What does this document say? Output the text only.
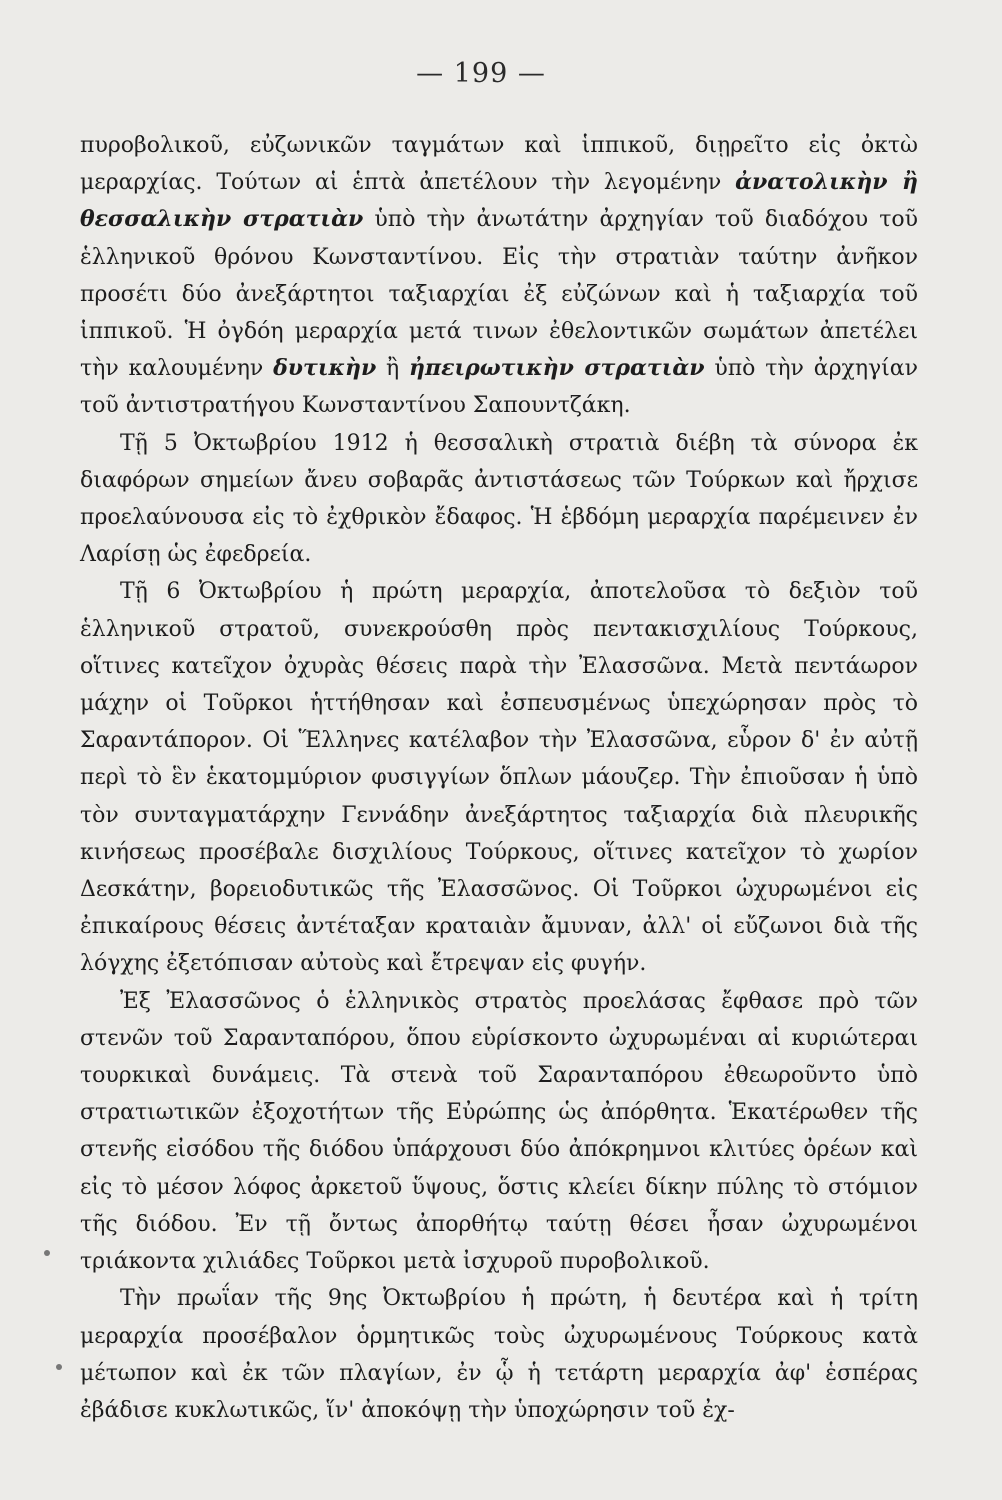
— 199 —

πυροβολικοῦ, εὐζωνικῶν ταγμάτων καὶ ἱππικοῦ, διῃρεῖτο εἰς ὀκτὼ μεραρχίας. Τούτων αἱ ἑπτὰ ἀπετέλουν τὴν λεγομένην ἀνατολικὴν ἢ θεσσαλικὴν στρατιὰν ὑπὸ τὴν ἀνωτάτην ἀρχηγίαν τοῦ διαδόχου τοῦ ἑλληνικοῦ θρόνου Κωνσταντίνου. Εἰς τὴν στρατιὰν ταύτην ἀνῆκον προσέτι δύο ἀνεξάρτητοι ταξιαρχίαι ἐξ εὐζώνων καὶ ἡ ταξιαρχία τοῦ ἱππικοῦ. Ἡ ὀγδόη μεραρχία μετά τινων ἐθελοντικῶν σωμάτων ἀπετέλει τὴν καλουμένην δυτικὴν ἢ ἠπειρωτικὴν στρατιὰν ὑπὸ τὴν ἀρχηγίαν τοῦ ἀντιστρατήγου Κωνσταντίνου Σαπουντζάκη.

Τῇ 5 Ὀκτωβρίου 1912 ἡ θεσσαλικὴ στρατιὰ διέβη τὰ σύνορα ἐκ διαφόρων σημείων ἄνευ σοβαρᾶς ἀντιστάσεως τῶν Τούρκων καὶ ἤρχισε προελαύνουσα εἰς τὸ ἐχθρικὸν ἔδαφος. Ἡ ἑβδόμη μεραρχία παρέμεινεν ἐν Λαρίσῃ ὡς ἐφεδρεία.

Τῇ 6 Ὀκτωβρίου ἡ πρώτη μεραρχία, ἀποτελοῦσα τὸ δεξιὸν τοῦ ἑλληνικοῦ στρατοῦ, συνεκρούσθη πρὸς πεντακισχιλίους Τούρκους, οἵτινες κατεῖχον ὀχυρὰς θέσεις παρὰ τὴν Ἐλασσῶνα. Μετὰ πεντάωρον μάχην οἱ Τοῦρκοι ἡττήθησαν καὶ ἐσπευσμένως ὑπεχώρησαν πρὸς τὸ Σαραντάπορον. Οἱ Ἕλληνες κατέλαβον τὴν Ἐλασσῶνα, εὗρον δ' ἐν αὐτῇ περὶ τὸ ἓν ἑκατομμύριον φυσιγγίων ὅπλων μάουζερ. Τὴν ἐπιοῦσαν ἡ ὑπὸ τὸν συνταγματάρχην Γεννάδην ἀνεξάρτητος ταξιαρχία διὰ πλευρικῆς κινήσεως προσέβαλε δισχιλίους Τούρκους, οἵτινες κατεῖχον τὸ χωρίον Δεσκάτην, βορειοδυτικῶς τῆς Ἐλασσῶνος. Οἱ Τοῦρκοι ὠχυρωμένοι εἰς ἐπικαίρους θέσεις ἀντέταξαν κραταιὰν ἄμυναν, ἀλλ' οἱ εὔζωνοι διὰ τῆς λόγχης ἐξετόπισαν αὐτοὺς καὶ ἔτρεψαν εἰς φυγήν.

Ἐξ Ἐλασσῶνος ὁ ἑλληνικὸς στρατὸς προελάσας ἔφθασε πρὸ τῶν στενῶν τοῦ Σαρανταπόρου, ὅπου εὑρίσκοντο ὠχυρωμέναι αἱ κυριώτεραι τουρκικαὶ δυνάμεις. Τὰ στενὰ τοῦ Σαρανταπόρου ἐθεωροῦντο ὑπὸ στρατιωτικῶν ἐξοχοτήτων τῆς Εὐρώπης ὡς ἀπόρθητα. Ἑκατέρωθεν τῆς στενῆς εἰσόδου τῆς διόδου ὑπάρχουσι δύο ἀπόκρημνοι κλιτύες ὀρέων καὶ εἰς τὸ μέσον λόφος ἀρκετοῦ ὕψους, ὅστις κλείει δίκην πύλης τὸ στόμιον τῆς διόδου. Ἐν τῇ ὄντως ἀπορθήτῳ ταύτῃ θέσει ἦσαν ὠχυρωμένοι τριάκοντα χιλιάδες Τοῦρκοι μετὰ ἰσχυροῦ πυροβολικοῦ.

Τὴν πρωΐαν τῆς 9ης Ὀκτωβρίου ἡ πρώτη, ἡ δευτέρα καὶ ἡ τρίτη μεραρχία προσέβαλον ὁρμητικῶς τοὺς ὠχυρωμένους Τούρκους κατὰ μέτωπον καὶ ἐκ τῶν πλαγίων, ἐν ᾧ ἡ τετάρτη μεραρχία ἀφ' ἑσπέρας ἐβάδισε κυκλωτικῶς, ἵν' ἀποκόψῃ τὴν ὑποχώρησιν τοῦ ἐχ-
